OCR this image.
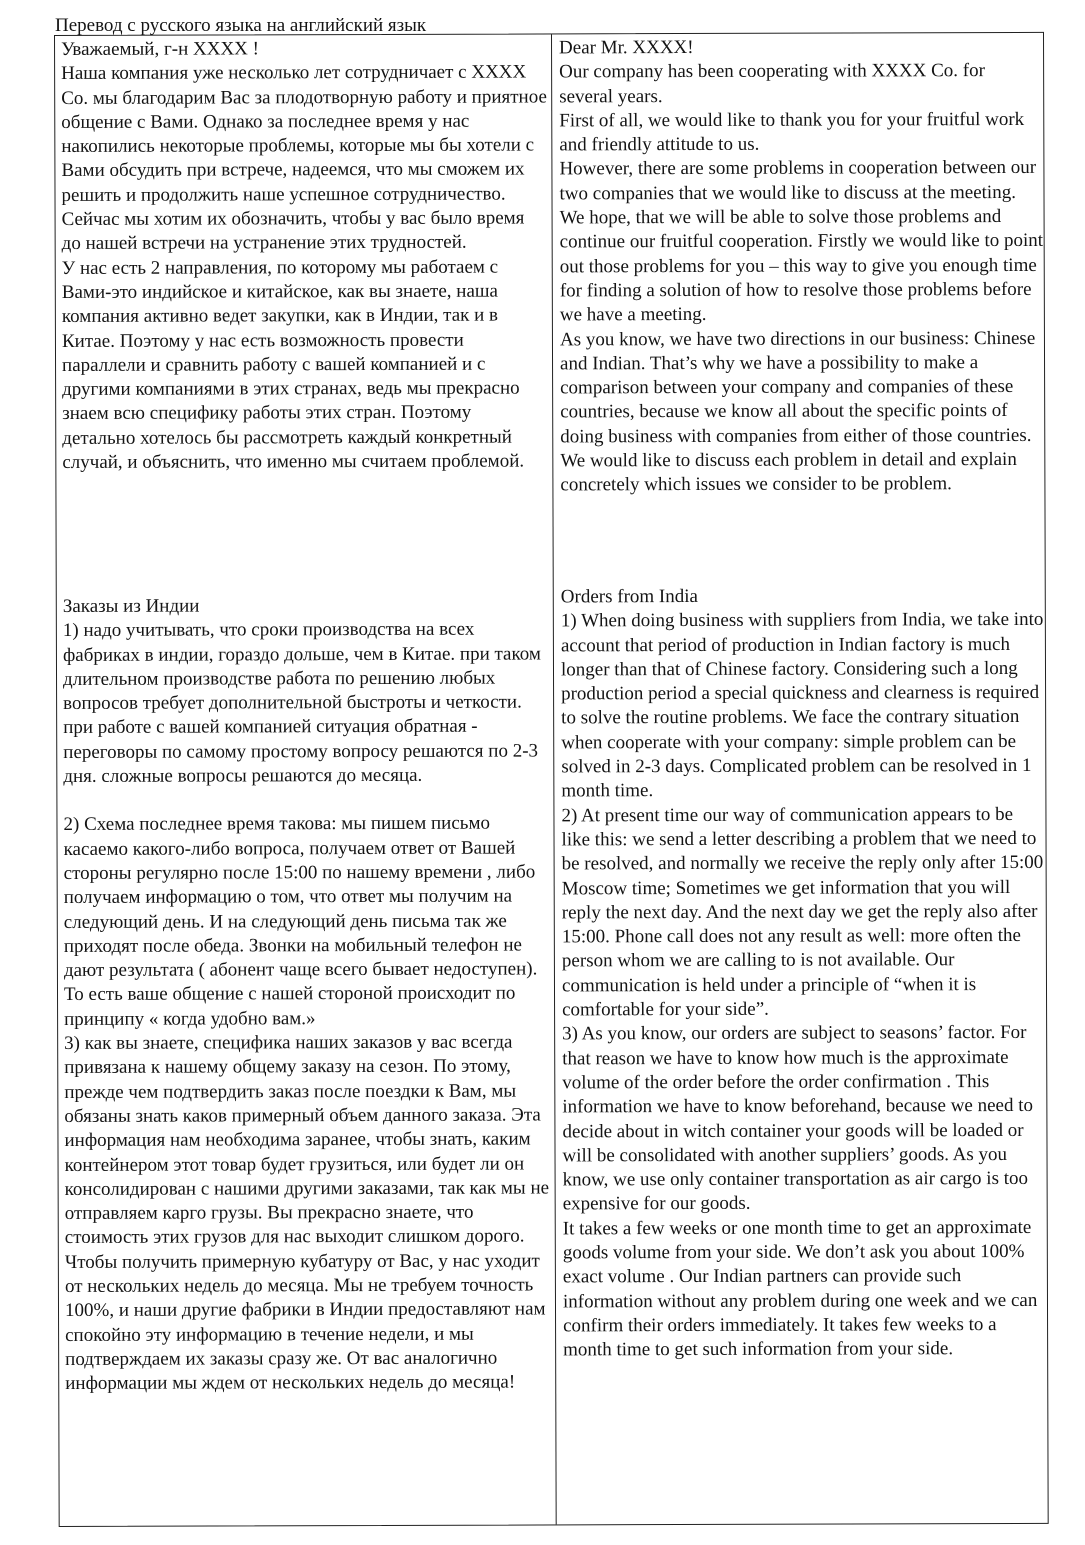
Перевод с русского языка на английский язык

Уважаемый, г-н XXXX !

Наша компания уже несколько лет сотрудничает с XXXX Co. мы благодарим Вас за плодотворную работу и приятное общение с Вами. Однако за последнее время у нас накопились некоторые проблемы, которые мы бы хотели с Вами обсудить при встрече, надеемся, что мы сможем их решить и продолжить наше успешное сотрудничество. Сейчас мы хотим их обозначить, чтобы у вас было время до нашей встречи на устранение этих трудностей.

У нас есть 2 направления, по которому мы работаем с Вами-это индийское и китайское, как вы знаете, наша компания активно ведет закупки, как в Индии, так и в Китае. Поэтому у нас есть возможность провести параллели и сравнить работу с вашей компанией и с другими компаниями в этих странах, ведь мы прекрасно знаем всю специфику работы этих стран. Поэтому детально хотелось бы рассмотреть каждый конкретный случай, и объяснить, что именно мы считаем проблемой.

Заказы из Индии

1) надо учитывать, что сроки производства на всех фабриках в индии, гораздо дольше, чем в Китае. при таком длительном производстве работа по решению любых вопросов требует дополнительной быстроты и четкости. при работе с вашей компанией ситуация обратная - переговоры по самому простому вопросу решаются по 2-3 дня. сложные вопросы решаются до месяца.

2) Схема последнее время такова: мы пишем письмо касаемо какого-либо вопроса, получаем ответ от Вашей стороны регулярно после 15:00 по нашему времени , либо получаем информацию о том, что ответ мы получим на следующий день. И на следующий день письма так же приходят после обеда. Звонки на мобильный телефон не дают результата ( абонент чаще всего бывает недоступен). То есть ваше общение с нашей стороной происходит по принципу « когда удобно вам.»

3) как вы знаете, специфика наших заказов у вас всегда привязана к нашему общему заказу на сезон. По этому, прежде чем подтвердить заказ после поездки к Вам, мы обязаны знать каков примерный объем данного заказа. Эта информация нам необходима заранее, чтобы знать, каким контейнером этот товар будет грузиться, или будет ли он консолидирован с нашими другими заказами, так как мы не отправляем карго грузы. Вы прекрасно знаете, что стоимость этих грузов для нас выходит слишком дорого. Чтобы получить примерную кубатуру от Вас, у нас уходит от нескольких недель до месяца. Мы не требуем точность 100%, и наши другие фабрики в Индии предоставляют нам спокойно эту информацию в течение недели, и мы подтверждаем их заказы сразу же. От вас аналогично информации мы ждем от нескольких недель до месяца!

Dear Mr. XXXX!

Our company has been cooperating with XXXX Co. for several years.

First of all, we would like to thank you for your fruitful work and friendly attitude to us.

However, there are some problems in cooperation between our two companies that we would like to discuss at the meeting. We hope, that we will be able to solve those problems and continue our fruitful cooperation. Firstly we would like to point out those problems for you – this way to give you enough time for finding a solution of how to resolve those problems before we have a meeting.

As you know, we have two directions in our business: Chinese and Indian. That’s why we have a possibility to make a comparison between your company and companies of these countries, because we know all about the specific points of doing business with companies from either of those countries.

We would like to discuss each problem in detail and explain concretely which issues we consider to be problem.

Orders from India

1) When doing business with suppliers from India, we take into account that period of production in Indian factory is much longer than that of Chinese factory. Considering such a long production period a special quickness and clearness is required to solve the routine problems. We face the contrary situation when cooperate with your company: simple problem can be solved in 2-3 days. Complicated problem can be resolved in 1 month time.

2) At present time our way of communication appears to be like this: we send a letter describing a problem that we need to be resolved, and normally we receive the reply only after 15:00 Moscow time; Sometimes we get information that you will reply the next day. And the next day we get the reply also after 15:00. Phone call does not any result as well: more often the person whom we are calling to is not available. Our communication is held under a principle of “when it is comfortable for your side”.

3) As you know, our orders are subject to seasons’ factor. For that reason we have to know how much is the approximate volume of the order before the order confirmation . This information we have to know beforehand, because we need to decide about in witch container your goods will be loaded or will be consolidated with another suppliers’ goods. As you know, we use only container transportation as air cargo is too expensive for our goods.

It takes a few weeks or one month time to get an approximate goods volume from your side. We don’t ask you about 100% exact volume . Our Indian partners can provide such information without any problem during one week and we can confirm their orders immediately. It takes few weeks to a month time to get such information from your side.
